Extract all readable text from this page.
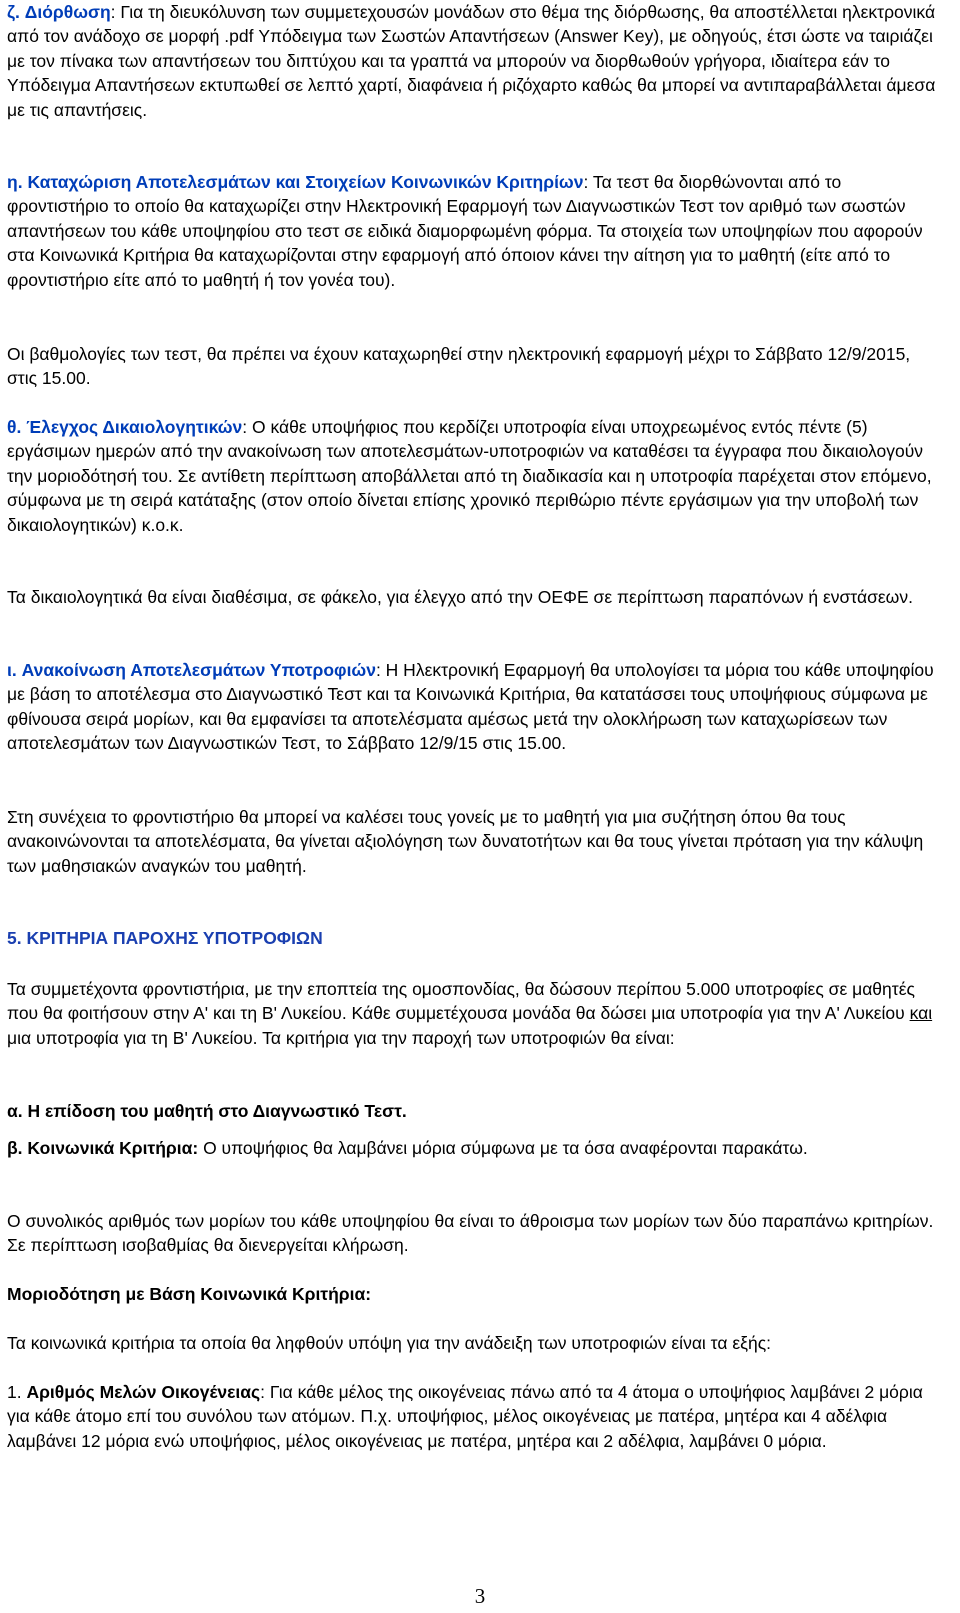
ζ. Διόρθωση: Για τη διευκόλυνση των συμμετεχουσών μονάδων στο θέμα της διόρθωσης, θα αποστέλλεται ηλεκτρονικά από τον ανάδοχο σε μορφή .pdf Υπόδειγμα των Σωστών Απαντήσεων (Answer Key), με οδηγούς, έτσι ώστε να ταιριάζει με τον πίνακα των απαντήσεων του διπτύχου και τα γραπτά να μπορούν να διορθωθούν γρήγορα, ιδιαίτερα εάν το Υπόδειγμα Απαντήσεων εκτυπωθεί σε λεπτό χαρτί, διαφάνεια ή ριζόχαρτο καθώς θα μπορεί να αντιπαραβάλλεται άμεσα με τις απαντήσεις.

η. Καταχώριση Αποτελεσμάτων και Στοιχείων Κοινωνικών Κριτηρίων: Τα τεστ θα διορθώνονται από το φροντιστήριο το οποίο θα καταχωρίζει στην Ηλεκτρονική Εφαρμογή των Διαγνωστικών Τεστ τον αριθμό των σωστών απαντήσεων του κάθε υποψηφίου στο τεστ σε ειδικά διαμορφωμένη φόρμα. Τα στοιχεία των υποψηφίων που αφορούν στα Κοινωνικά Κριτήρια θα καταχωρίζονται στην εφαρμογή από όποιον κάνει την αίτηση για το μαθητή (είτε από το φροντιστήριο είτε από το μαθητή ή τον γονέα του).

Οι βαθμολογίες των τεστ, θα πρέπει να έχουν καταχωρηθεί στην ηλεκτρονική εφαρμογή μέχρι το Σάββατο 12/9/2015, στις 15.00.

θ. Έλεγχος Δικαιολογητικών: Ο κάθε υποψήφιος που κερδίζει υποτροφία είναι υποχρεωμένος εντός πέντε (5) εργάσιμων ημερών από την ανακοίνωση των αποτελεσμάτων-υποτροφιών να καταθέσει τα έγγραφα που δικαιολογούν την μοριοδότησή του. Σε αντίθετη περίπτωση αποβάλλεται από τη διαδικασία και η υποτροφία παρέχεται στον επόμενο, σύμφωνα με τη σειρά κατάταξης (στον οποίο δίνεται επίσης χρονικό περιθώριο πέντε εργάσιμων για την υποβολή των δικαιολογητικών) κ.ο.κ.

Τα δικαιολογητικά θα είναι διαθέσιμα, σε φάκελο, για έλεγχο από την ΟΕΦΕ σε περίπτωση παραπόνων ή ενστάσεων.

ι. Ανακοίνωση Αποτελεσμάτων Υποτροφιών: Η Ηλεκτρονική Εφαρμογή θα υπολογίσει τα μόρια του κάθε υποψηφίου με βάση το αποτέλεσμα στο Διαγνωστικό Τεστ και τα Κοινωνικά Κριτήρια, θα κατατάσσει τους υποψήφιους σύμφωνα με φθίνουσα σειρά μορίων, και θα εμφανίσει τα αποτελέσματα αμέσως μετά την ολοκλήρωση των καταχωρίσεων των αποτελεσμάτων των Διαγνωστικών Τεστ, το Σάββατο 12/9/15 στις 15.00.

Στη συνέχεια το φροντιστήριο θα μπορεί να καλέσει τους γονείς με το μαθητή για μια συζήτηση όπου θα τους ανακοινώνονται τα αποτελέσματα, θα γίνεται αξιολόγηση των δυνατοτήτων και θα τους γίνεται πρόταση για την κάλυψη των μαθησιακών αναγκών του μαθητή.

5. ΚΡΙΤΗΡΙΑ ΠΑΡΟΧΗΣ ΥΠΟΤΡΟΦΙΩΝ

Τα συμμετέχοντα φροντιστήρια, με την εποπτεία της ομοσπονδίας, θα δώσουν περίπου 5.000 υποτροφίες σε μαθητές που θα φοιτήσουν στην Α' και τη Β' Λυκείου. Κάθε συμμετέχουσα μονάδα θα δώσει μια υποτροφία για την Α' Λυκείου και μια υποτροφία για τη Β' Λυκείου. Τα κριτήρια για την παροχή των υποτροφιών θα είναι:

α. Η επίδοση του μαθητή στο Διαγνωστικό Τεστ.

β. Κοινωνικά Κριτήρια: Ο υποψήφιος θα λαμβάνει μόρια σύμφωνα με τα όσα αναφέρονται παρακάτω.

Ο συνολικός αριθμός των μορίων του κάθε υποψηφίου θα είναι το άθροισμα των μορίων των δύο παραπάνω κριτηρίων. Σε περίπτωση ισοβαθμίας θα διενεργείται κλήρωση.

Μοριοδότηση με Βάση Κοινωνικά Κριτήρια:

Τα κοινωνικά κριτήρια τα οποία θα ληφθούν υπόψη για την ανάδειξη των υποτροφιών είναι τα εξής:

1. Αριθμός Μελών Οικογένειας: Για κάθε μέλος της οικογένειας πάνω από τα 4 άτομα ο υποψήφιος λαμβάνει 2 μόρια για κάθε άτομο επί του συνόλου των ατόμων. Π.χ. υποψήφιος, μέλος οικογένειας με πατέρα, μητέρα και 4 αδέλφια λαμβάνει 12 μόρια ενώ υποψήφιος, μέλος οικογένειας με πατέρα, μητέρα και 2 αδέλφια, λαμβάνει 0 μόρια.

3
